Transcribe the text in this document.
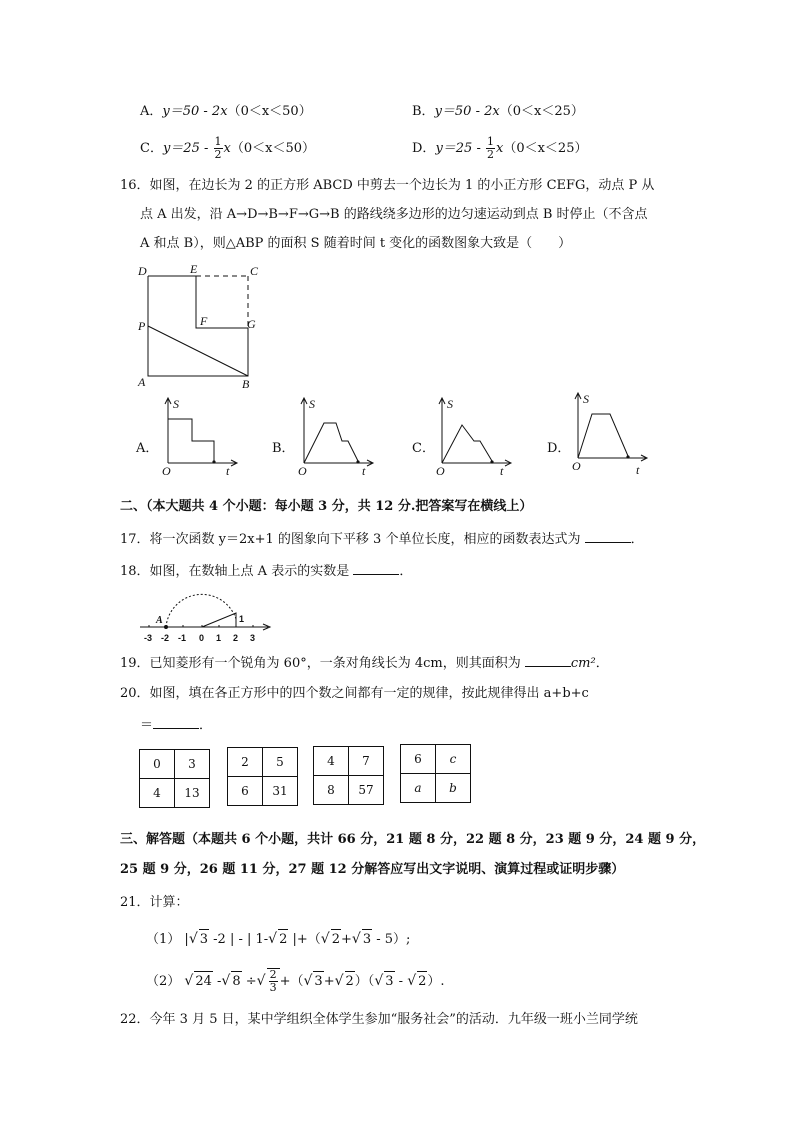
A．y＝50 - 2x（0＜x＜50）	B．y＝50 - 2x（0＜x＜25）
C．$y=25 - \frac{1}{2} x(0<x<50)$	D．$y=25 - \frac{1}{2} x(0<x<25)$
16．如图，在边长为 2 的正方形 ABCD 中剪去一个边长为 1 的小正方形 CEFG，动点 P 从
点 A 出发，沿 A→D→B→F→G→B 的路线绕多边形的边匀速运动到点 B 时停止（不含点
A 和点 B），则△ABP 的面积 S 随着时间 t 变化的函数图象大致是（　　）
D	E	C
P	F	G
A	B
A．
S
O	t
B．
S
O	t
C．
S
O	t
D．
S
O	t
二、（本大题共 4 个小题：每小题 3 分，共 12 分.把答案写在横线上）
17．将一次函数 y＝2x+1 的图象向下平移 3 个单位长度，相应的函数表达式为	．
18．如图，在数轴上点 A 表示的实数是	．
-3 -2 -1 0 1 2 3
1
A
19．已知菱形有一个锐角为 60°，一条对角线长为 4cm，则其面积为	cm²．
20．如图，填在各正方形中的四个数之间都有一定的规律，按此规律得出 a+b+c
＝	．
0	3
4	13
2	5
6	31
4	7
8	57
6	c
a	b
三、解答题（本题共 6 个小题，共计 66 分，21 题 8 分，22 题 8 分，23 题 9 分，24 题 9 分，
25 题 9 分，26 题 11 分，27 题 12 分解答应写出文字说明、演算过程或证明步骤）
21．计算：
（1） |√ 3 -2 | - | 1-√ 2 |+（√ 2+√ 3 - 5）;
（2） √ 24 -√ 8 ÷√ $\frac{2}{3}$ +（√ 3+√ 2）（√ 3 - √ 2）.
22．今年 3 月 5 日，某中学组织全体学生参加“服务社会”的活动．九年级一班小兰同学统
